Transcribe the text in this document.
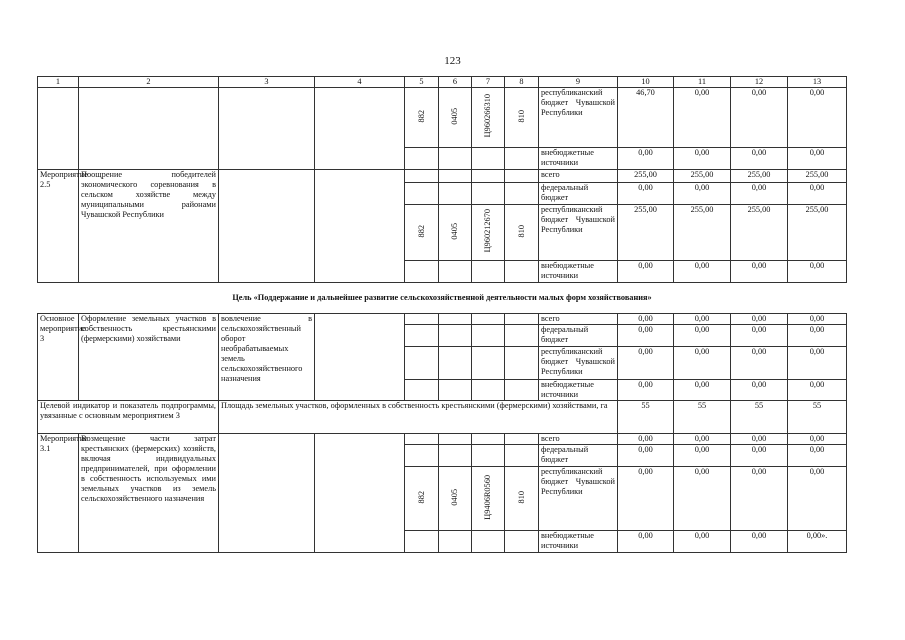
123
1	2	3	4	5	6	7	8	9	10	11	12	13
				882	0405	Ц960266310	810	республиканский бюджет Чувашской Республики	46,70	0,00	0,00	0,00
								внебюджетные источники	0,00	0,00	0,00	0,00
Мероприятие 2.5	Поощрение победителей экономического соревнования в сельском хозяйстве между муниципальными районами Чувашской Республики							всего	255,00	255,00	255,00	255,00
								федеральный бюджет	0,00	0,00	0,00	0,00
				882	0405	Ц960212670	810	республиканский бюджет Чувашской Республики	255,00	255,00	255,00	255,00
								внебюджетные источники	0,00	0,00	0,00	0,00
Цель «Поддержание и дальнейшее развитие сельскохозяйственной деятельности малых форм хозяйствования»												
Основное мероприятие 3	Оформление земельных участков в собственность крестьянскими (фермерскими) хозяйствами	вовлечение в сельскохозяйственный оборот необрабатываемых земель сельскохозяйственного назначения						всего	0,00	0,00	0,00	0,00
								федеральный бюджет	0,00	0,00	0,00	0,00
								республиканский бюджет Чувашской Республики	0,00	0,00	0,00	0,00
								внебюджетные источники	0,00	0,00	0,00	0,00
Целевой индикатор и показатель подпрограммы, увязанные с основным мероприятием 3		Площадь земельных участков, оформленных в собственность крестьянскими (фермерскими) хозяйствами, га							55	55	55	55
Мероприятие 3.1	Возмещение части затрат крестьянских (фермерских) хозяйств, включая индивидуальных предпринимателей, при оформлении в собственность используемых ими земельных участков из земель сельскохозяйственного назначения							всего	0,00	0,00	0,00	0,00
								федеральный бюджет	0,00	0,00	0,00	0,00
				882	0405	Ц9406R0560	810	республиканский бюджет Чувашской Республики	0,00	0,00	0,00	0,00
								внебюджетные источники	0,00	0,00	0,00	0,00».
